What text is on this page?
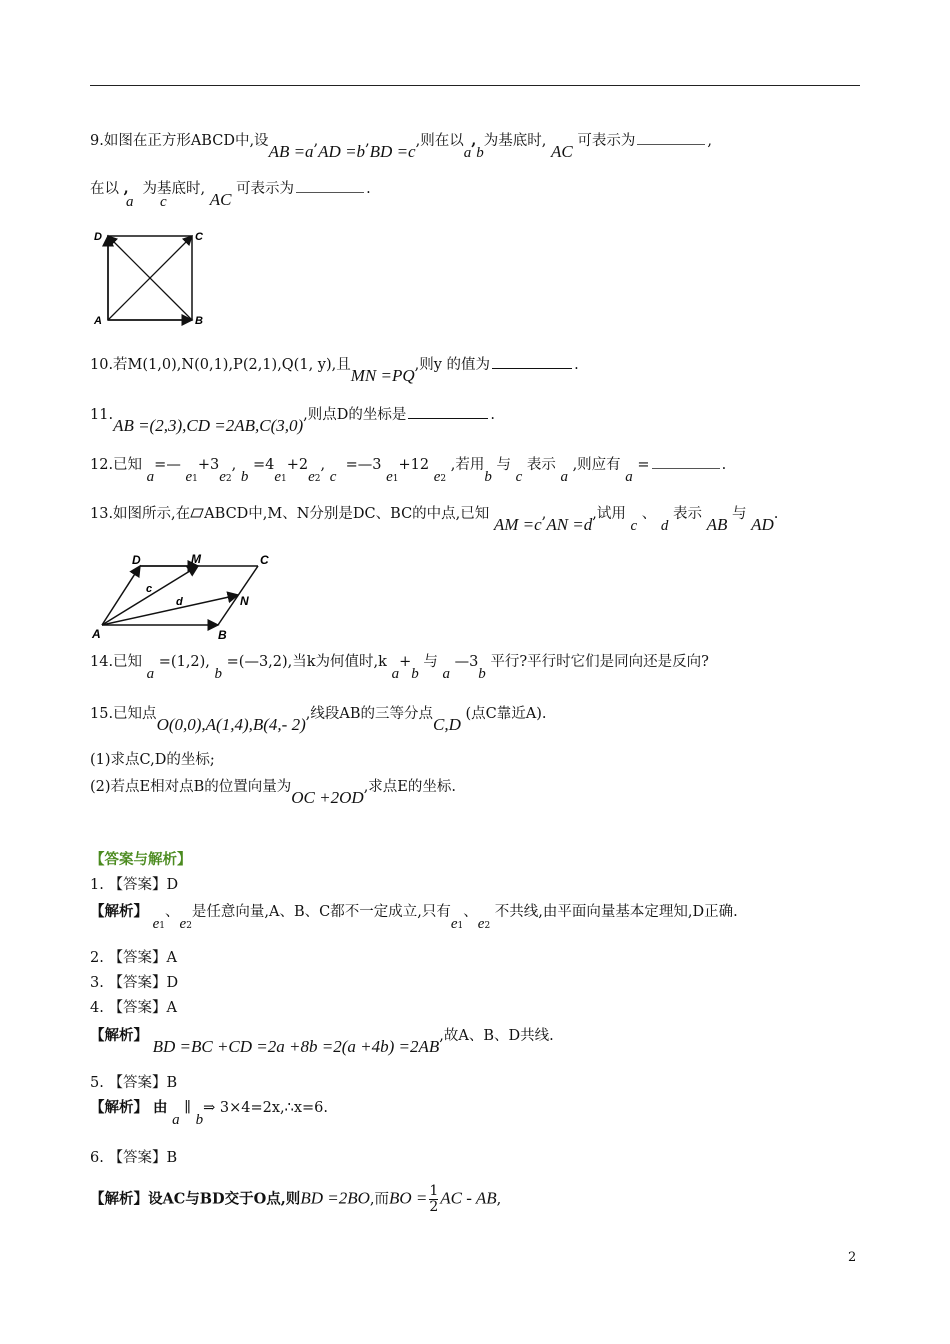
9.如图在正方形ABCD中,设AB =a,AD =b,BD =c,则在以a,b为基底时, AC 可表示为	,
在以 , 为基底时, AC 可表示为	.
a c
D	C
A	B
10.若M(1,0),N(0,1),P(2,1),Q(1, y),且MN =PQ,则y 的值为	.
11.AB =(2,3),CD =2AB,C(3,0),则点D的坐标是	.
12.已知 a=— $e_1+3e_2$, $b =4e_1+2e_2$, c  =—3 $e_1+12$ $e_2$ ,若用b 与 c 表示 a ,则应有 a =	.
13.如图所示,在 ABCD中,M、N分别是DC、BC的中点,已知 AM =c,AN =d,试用 c 、 d 表示 AB 与 AD.
A	B
C
D	M
N
c
d
14.已知 a =(1,2), b =(—3,2),当k为何值时,k a+b 与 a —3b 平行?平行时它们是同向还是反向?
15.已知点O(0,0),A(1,4),B(4,- 2),线段AB的三等分点C,D (点C靠近A).
(1)求点C,D的坐标;
(2)若点E相对点B的位置向量为OC +2OD,求点E的坐标.
【答案与解析】
1. 【答案】D
【解析】 $e_1$、$e_2$是任意向量,A、B、C都不一定成立,只有$e_1$、$e_2$ 不共线,由平面向量基本定理知,D正确.
2. 【答案】A
3. 【答案】D
4. 【答案】A
【解析】 BD =BC +CD =2a +8b =2(a +4b) =2AB,故A、B、D共线.
5. 【答案】B
【解析】 由 a ∥ b⇒ 3×4=2x,∴x=6.
6. 【答案】B
【解析】设AC与BD交于O点,则BD =2BO,而BO = $\frac{1}{2}$ AC - AB,
2
